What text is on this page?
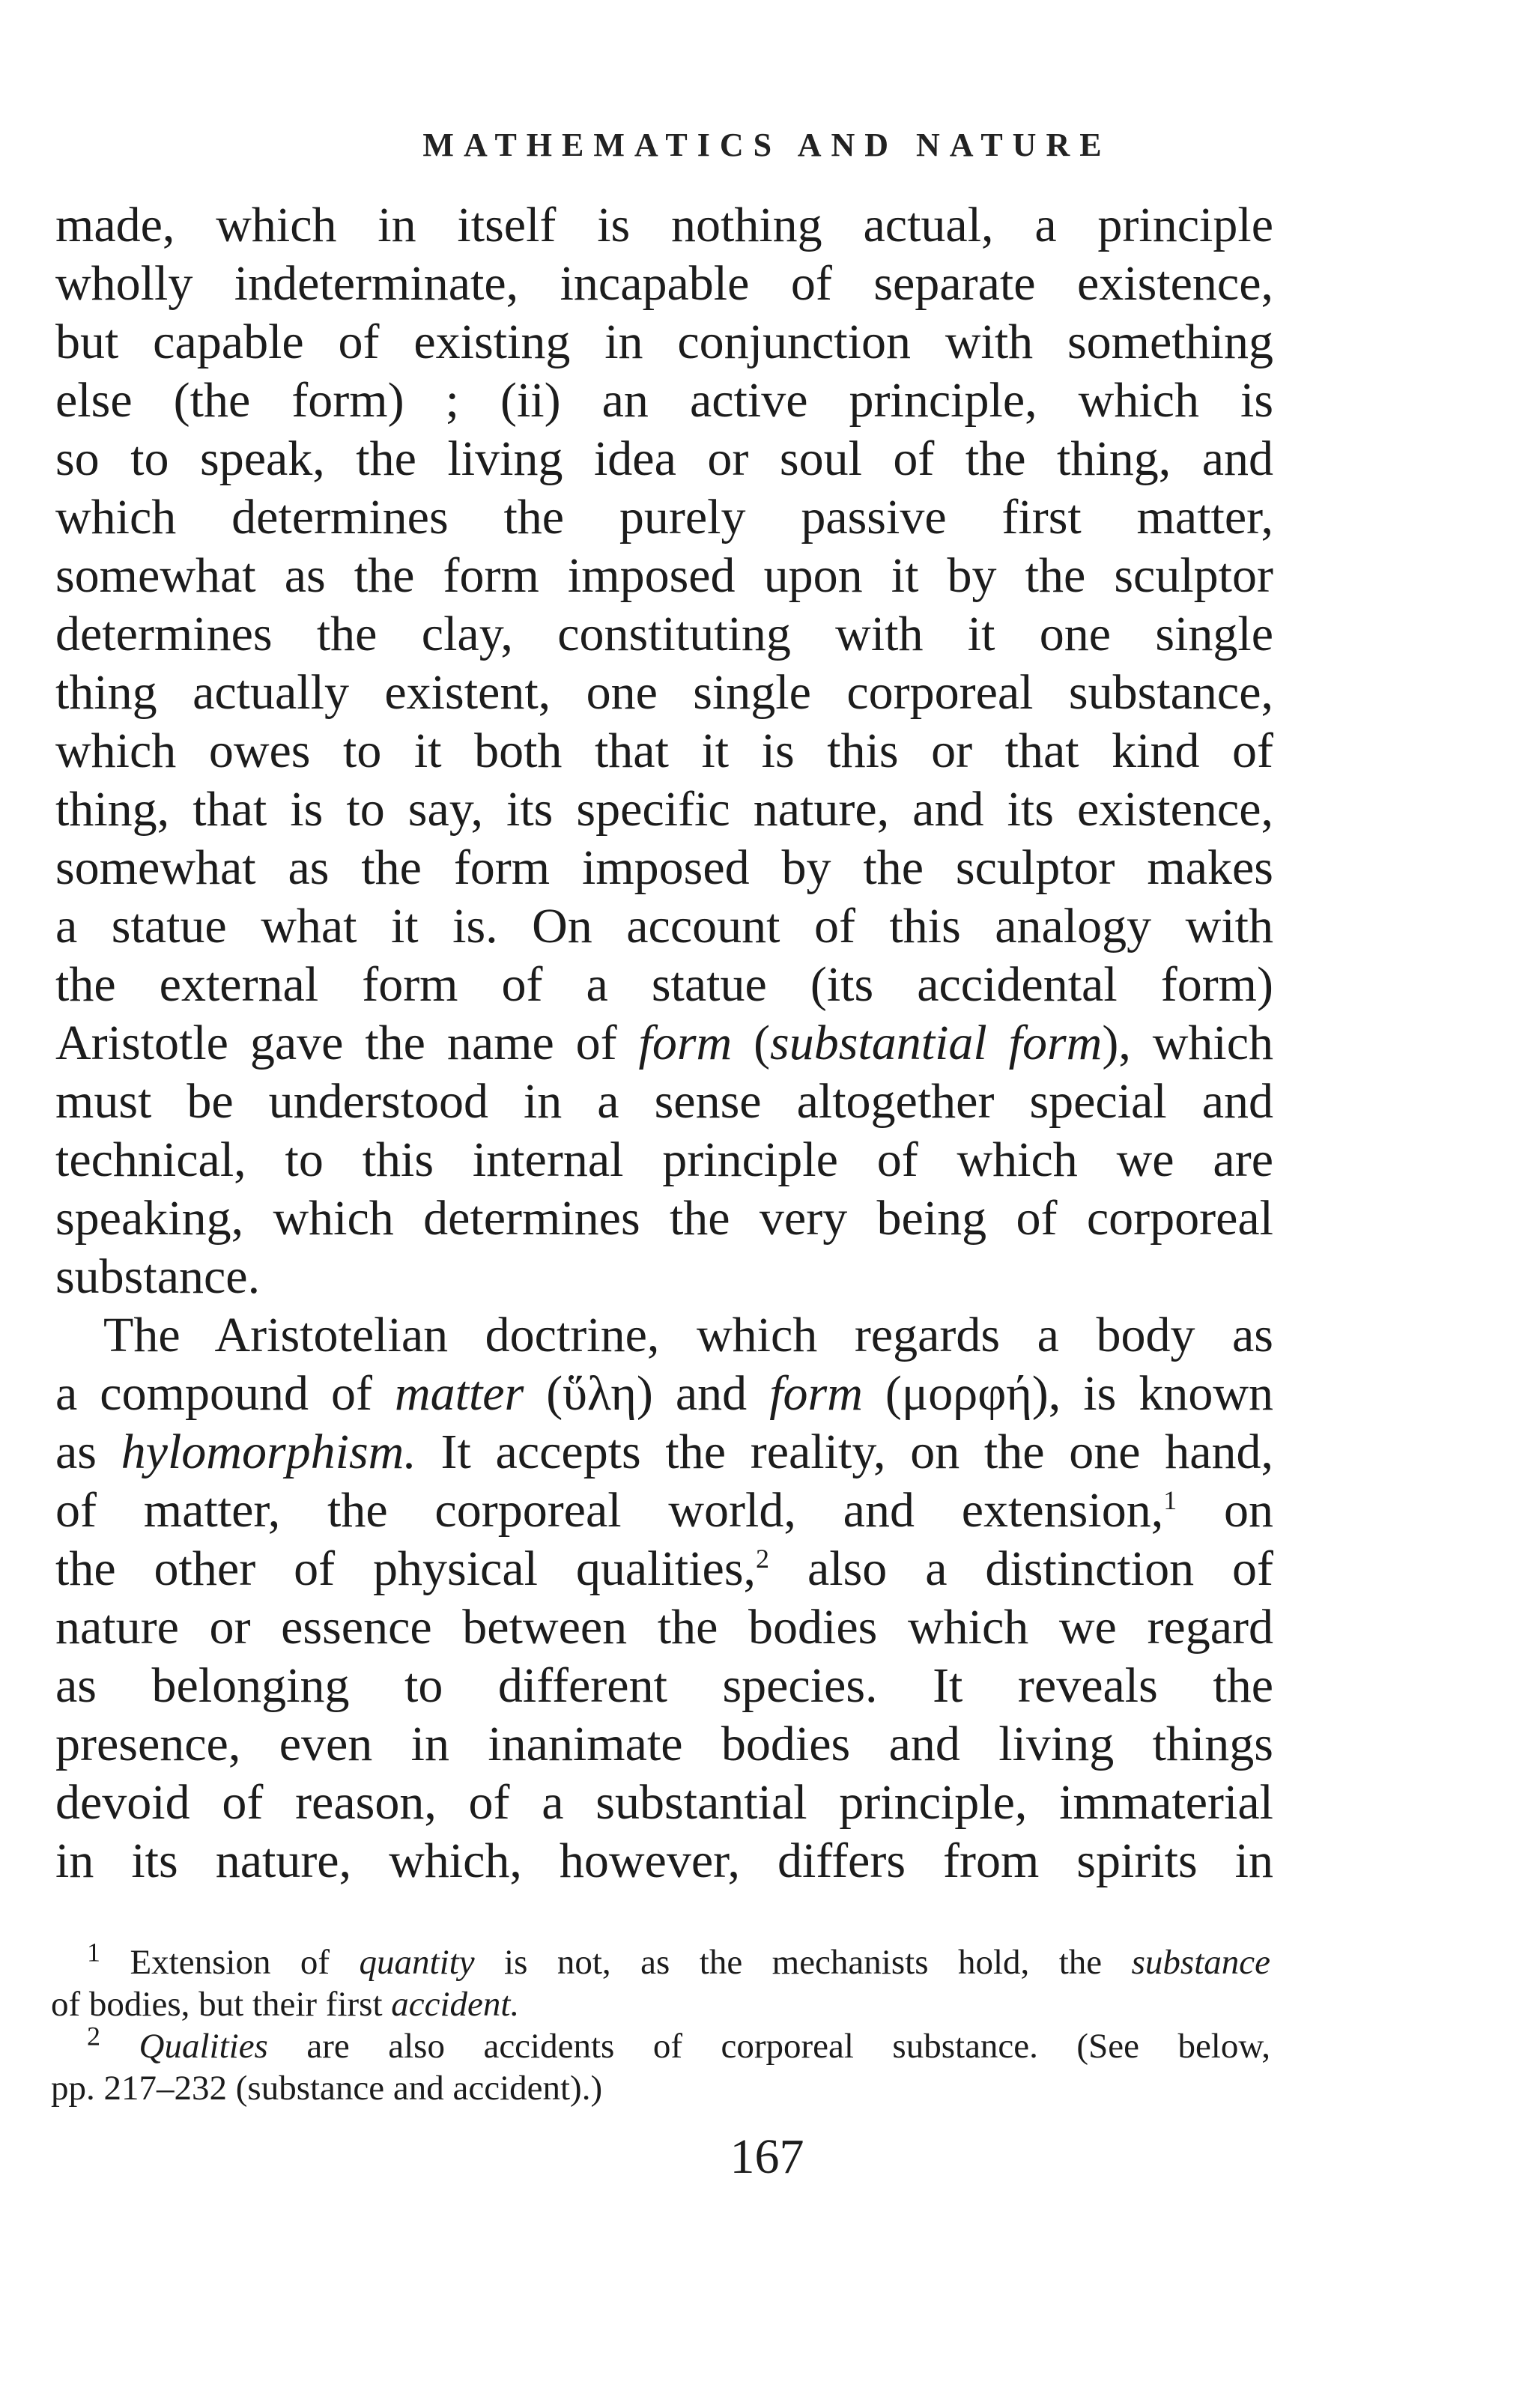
MATHEMATICS AND NATURE
made, which in itself is nothing actual, a principle
wholly indeterminate, incapable of separate existence,
but capable of existing in conjunction with something
else (the form) ; (ii) an active principle, which is
so to speak, the living idea or soul of the thing, and
which determines the purely passive first matter,
somewhat as the form imposed upon it by the sculptor
determines the clay, constituting with it one single
thing actually existent, one single corporeal substance,
which owes to it both that it is this or that kind of
thing, that is to say, its specific nature, and its existence,
somewhat as the form imposed by the sculptor makes
a statue what it is. On account of this analogy with
the external form of a statue (its accidental form)
Aristotle gave the name of form (substantial form), which
must be understood in a sense altogether special and
technical, to this internal principle of which we are
speaking, which determines the very being of corporeal
substance.
The Aristotelian doctrine, which regards a body as
a compound of matter (ὕλη) and form (μορφή), is known
as hylomorphism. It accepts the reality, on the one hand,
of matter, the corporeal world, and extension,$^1$ on
the other of physical qualities,$^2$ also a distinction of
nature or essence between the bodies which we regard
as belonging to different species. It reveals the
presence, even in inanimate bodies and living things
devoid of reason, of a substantial principle, immaterial
in its nature, which, however, differs from spirits in
$^1$ Extension of quantity is not, as the mechanists hold, the substance
of bodies, but their first accident.
$^2$ Qualities are also accidents of corporeal substance. (See below,
pp. 217–232 (substance and accident).)
167
